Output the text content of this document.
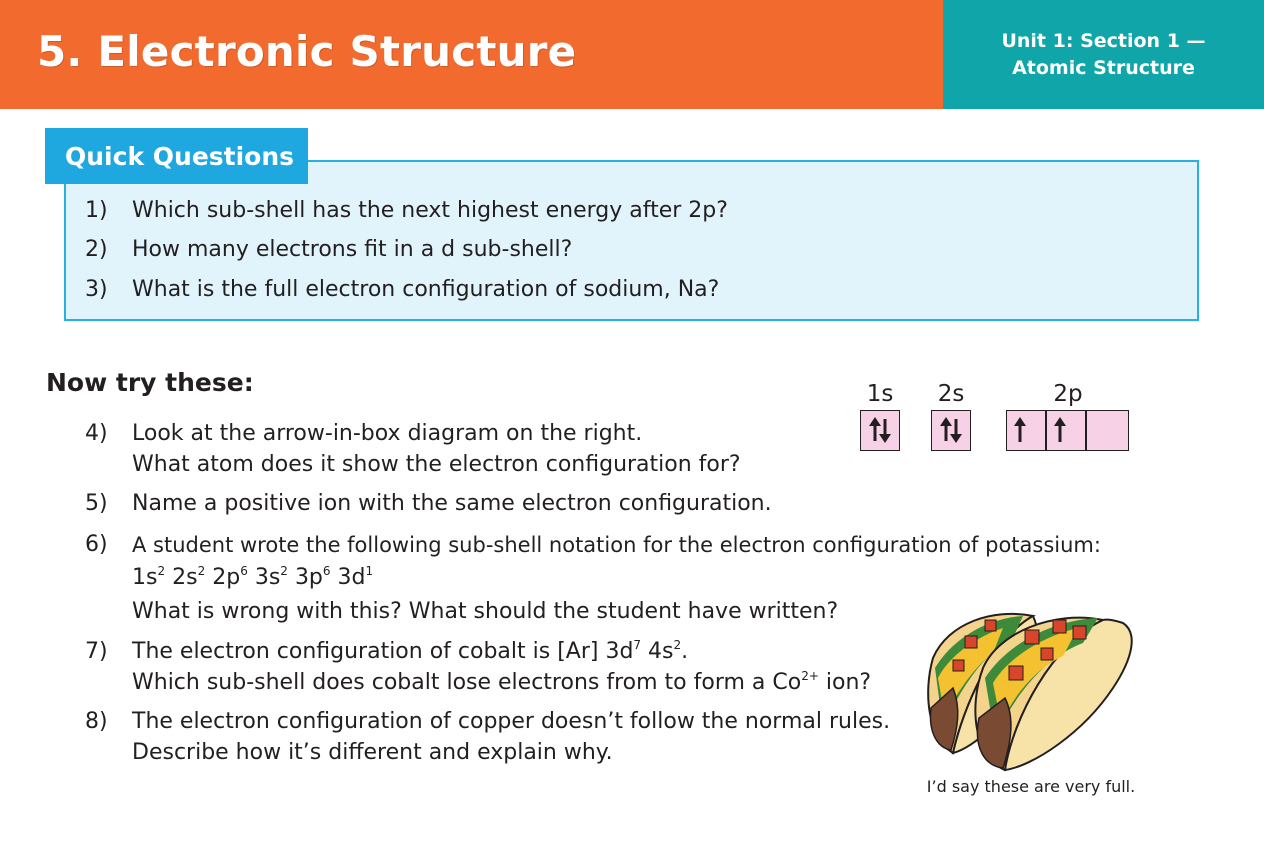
5. Electronic Structure	Unit 1: Section 1 —
Atomic Structure
Quick Questions
1) Which sub-shell has the next highest energy after 2p?
2) How many electrons fit in a d sub-shell?
3) What is the full electron configuration of sodium, Na?
Now try these:
4) Look at the arrow-in-box diagram on the right.
What atom does it show the electron configuration for?
5) Name a positive ion with the same electron configuration.
6) A student wrote the following sub-shell notation for the electron configuration of potassium:
$1s^2$ $2s^2$ $2p^6$ $3s^2$ $3p^6$ $3d^1$
What is wrong with this? What should the student have written?
7) The electron configuration of cobalt is [Ar] $3d^7$ $4s^2$.
Which sub-shell does cobalt lose electrons from to form a $Co^{2+}$ ion?
8) The electron configuration of copper doesn’t follow the normal rules.
Describe how it’s different and explain why.
1s 2s	2p
I’d say these are very full.
